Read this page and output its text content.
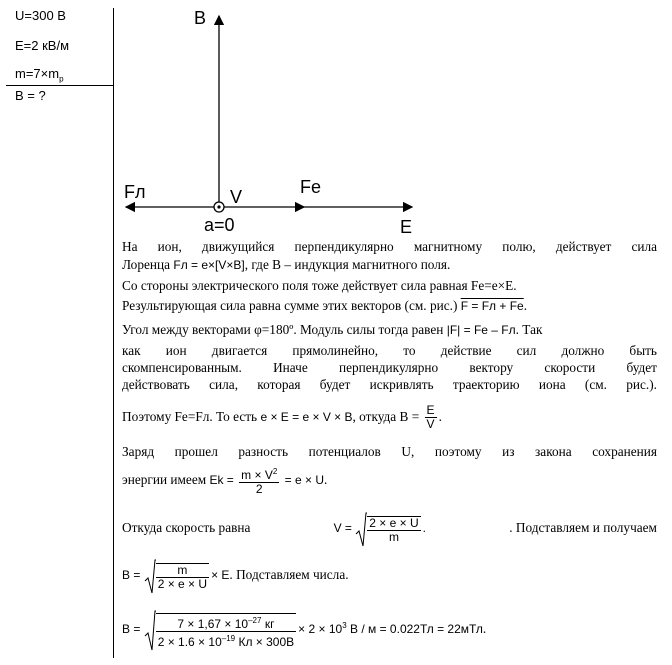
U=300 В
E=2 кВ/м
$m=7\times m_p$
B = ?
B
Fл	V	Fe
a=0	E
На ион, движущийся перпендикулярно магнитному полю, действует сила
Лоренца Fл = e×[V×B], где B – индукция магнитного поля.
Со стороны электрического поля тоже действует сила равная Fe=e×E.
Результирующая сила равна сумме этих векторов (см. рис.) F = Fл + Fe.
Угол между векторами φ=180º. Модуль силы тогда равен |F| = Fe – Fл. Так
как ион двигается прямолинейно, то действие сил должно быть
скомпенсированным. Иначе перпендикулярно вектору скорости будет
действовать сила, которая будет искривлять траекторию иона (см. рис.).
Поэтому Fe=Fл. То есть e × E = e × V × B, откуда $B = \frac{E}{V}$ .
Заряд прошел разность потенциалов U, поэтому из закона сохранения
энергии имеем $Ek = \frac{m \times V^2}{2} = e \times U$.
Откуда скорость равна	$V = \frac{2 \times e \times U}{m}$ .	. Подставляем и получаем
$B = \frac{m}{2 \times e \times U} \times E$. Подставляем числа.
$B = \frac{7 \times 1,67 \times 10^{-27} кг}{2 \times 1.6 \times 10^{-19} Кл \times 300В} \times 2 \times 10^3$ В / м = 0.022Тл = 22мТл.
